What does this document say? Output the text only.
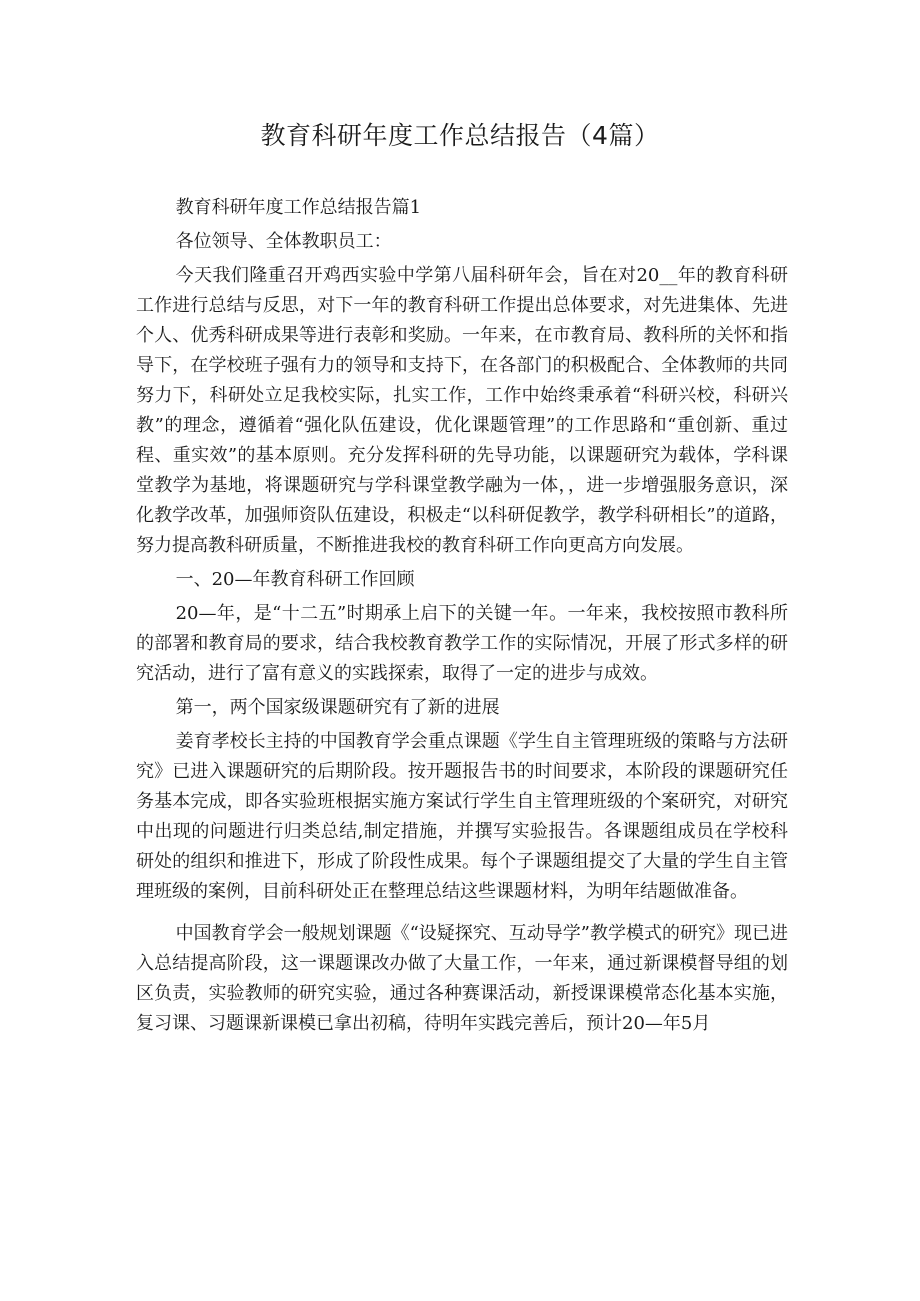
教育科研年度工作总结报告（4篇）

教育科研年度工作总结报告篇1

各位领导、全体教职员工：

今天我们隆重召开鸡西实验中学第八届科研年会，旨在对20__年的教育科研工作进行总结与反思，对下一年的教育科研工作提出总体要求，对先进集体、先进个人、优秀科研成果等进行表彰和奖励。一年来，在市教育局、教科所的关怀和指导下，在学校班子强有力的领导和支持下，在各部门的积极配合、全体教师的共同努力下，科研处立足我校实际，扎实工作，工作中始终秉承着“科研兴校，科研兴教”的理念，遵循着“强化队伍建设，优化课题管理”的工作思路和“重创新、重过程、重实效”的基本原则。充分发挥科研的先导功能，以课题研究为载体，学科课堂教学为基地，将课题研究与学科课堂教学融为一体，，进一步增强服务意识，深化教学改革，加强师资队伍建设，积极走“以科研促教学，教学科研相长”的道路，努力提高教科研质量，不断推进我校的教育科研工作向更高方向发展。

一、20—年教育科研工作回顾

20—年，是“十二五”时期承上启下的关键一年。一年来，我校按照市教科所的部署和教育局的要求，结合我校教育教学工作的实际情况，开展了形式多样的研究活动，进行了富有意义的实践探索，取得了一定的进步与成效。

第一，两个国家级课题研究有了新的进展

姜育孝校长主持的中国教育学会重点课题《学生自主管理班级的策略与方法研究》已进入课题研究的后期阶段。按开题报告书的时间要求，本阶段的课题研究任务基本完成，即各实验班根据实施方案试行学生自主管理班级的个案研究，对研究中出现的问题进行归类总结,制定措施，并撰写实验报告。各课题组成员在学校科研处的组织和推进下，形成了阶段性成果。每个子课题组提交了大量的学生自主管理班级的案例，目前科研处正在整理总结这些课题材料，为明年结题做准备。

中国教育学会一般规划课题《“设疑探究、互动导学”教学模式的研究》现已进入总结提高阶段，这一课题课改办做了大量工作，一年来，通过新课模督导组的划区负责，实验教师的研究实验，通过各种赛课活动，新授课课模常态化基本实施，复习课、习题课新课模已拿出初稿，待明年实践完善后，预计20—年5月
